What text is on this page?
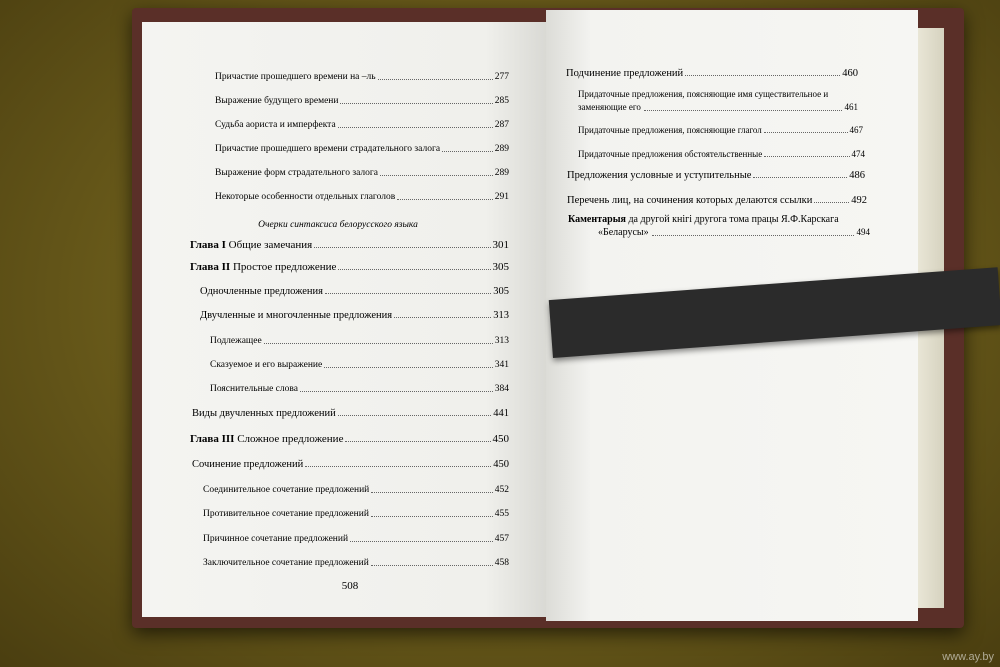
Причастие прошедшего времени на –ль	277
Выражение будущего времени	285
Судьба аориста и имперфекта	287
Причастие прошедшего времени страдательного залога	289
Выражение форм страдательного залога	289
Некоторые особенности отдельных глаголов	291
Очерки синтаксиса белорусского языка
Глава I Общие замечания	301
Глава II Простое предложение	305
Одночленные предложения	305
Двучленные и многочленные предложения	313
Подлежащее	313
Сказуемое и его выражение	341
Пояснительные слова	384
Виды двучленных предложений	441
Глава III Сложное предложение	450
Сочинение предложений	450
Соединительное сочетание предложений	452
Противительное сочетание предложений	455
Причинное сочетание предложений	457
Заключительное сочетание предложений	458
508
Подчинение предложений	460
Придаточные предложения, поясняющие имя существительное и
заменяющие его	461
Придаточные предложения, поясняющие глагол	467
Придаточные предложения обстоятельственные	474
Предложения условные и уступительные	486
Перечень лиц, на сочинения которых делаются ссылки	492
Каментарыя да другой кнігі другога тома працы Я.Ф.Карскага
«Беларусы»	494
www.ay.by
